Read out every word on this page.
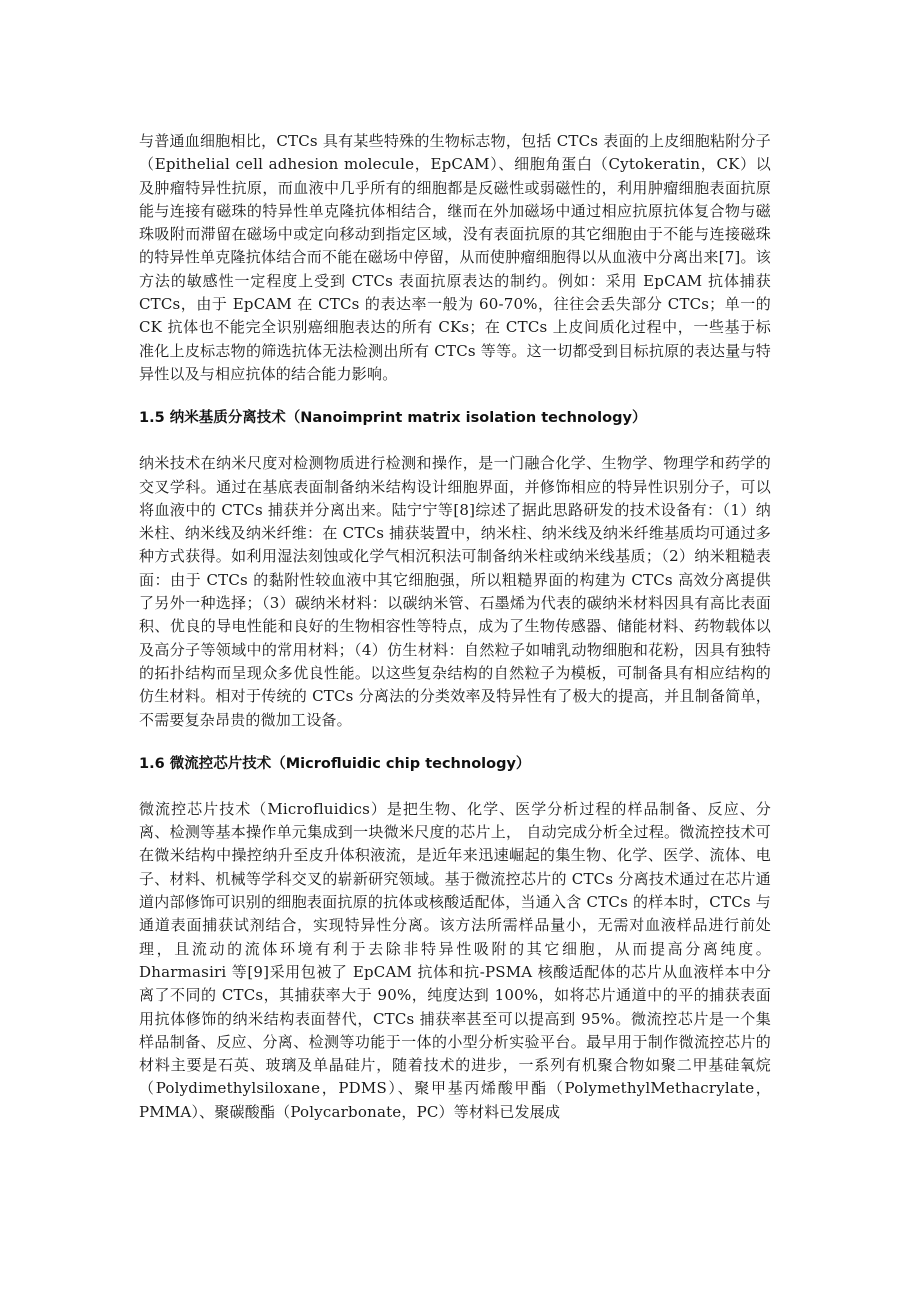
与普通血细胞相比，CTCs 具有某些特殊的生物标志物，包括 CTCs 表面的上皮细胞粘附分子（Epithelial cell adhesion molecule，EpCAM）、细胞角蛋白（Cytokeratin，CK）以及肿瘤特异性抗原，而血液中几乎所有的细胞都是反磁性或弱磁性的，利用肿瘤细胞表面抗原能与连接有磁珠的特异性单克隆抗体相结合，继而在外加磁场中通过相应抗原抗体复合物与磁珠吸附而滞留在磁场中或定向移动到指定区域，没有表面抗原的其它细胞由于不能与连接磁珠的特异性单克隆抗体结合而不能在磁场中停留，从而使肿瘤细胞得以从血液中分离出来[7]。该方法的敏感性一定程度上受到 CTCs 表面抗原表达的制约。例如：采用 EpCAM 抗体捕获 CTCs，由于 EpCAM 在 CTCs 的表达率一般为 60-70%，往往会丢失部分 CTCs；单一的 CK 抗体也不能完全识别癌细胞表达的所有 CKs；在 CTCs 上皮间质化过程中，一些基于标准化上皮标志物的筛选抗体无法检测出所有 CTCs 等等。这一切都受到目标抗原的表达量与特异性以及与相应抗体的结合能力影响。

1.5 纳米基质分离技术（Nanoimprint matrix isolation technology）

纳米技术在纳米尺度对检测物质进行检测和操作，是一门融合化学、生物学、物理学和药学的交叉学科。通过在基底表面制备纳米结构设计细胞界面，并修饰相应的特异性识别分子，可以将血液中的 CTCs 捕获并分离出来。陆宁宁等[8]综述了据此思路研发的技术设备有：（1）纳米柱、纳米线及纳米纤维：在 CTCs 捕获装置中，纳米柱、纳米线及纳米纤维基质均可通过多种方式获得。如利用湿法刻蚀或化学气相沉积法可制备纳米柱或纳米线基质；（2）纳米粗糙表面：由于 CTCs 的黏附性较血液中其它细胞强，所以粗糙界面的构建为 CTCs 高效分离提供了另外一种选择；（3）碳纳米材料：以碳纳米管、石墨烯为代表的碳纳米材料因具有高比表面积、优良的导电性能和良好的生物相容性等特点，成为了生物传感器、储能材料、药物载体以及高分子等领域中的常用材料；（4）仿生材料：自然粒子如哺乳动物细胞和花粉，因具有独特的拓扑结构而呈现众多优良性能。以这些复杂结构的自然粒子为模板，可制备具有相应结构的仿生材料。相对于传统的 CTCs 分离法的分类效率及特异性有了极大的提高，并且制备简单，不需要复杂昂贵的微加工设备。

1.6 微流控芯片技术（Microfluidic chip technology）

微流控芯片技术（Microfluidics）是把生物、化学、医学分析过程的样品制备、反应、分离、检测等基本操作单元集成到一块微米尺度的芯片上， 自动完成分析全过程。微流控技术可在微米结构中操控纳升至皮升体积液流，是近年来迅速崛起的集生物、化学、医学、流体、电子、材料、机械等学科交叉的崭新研究领域。基于微流控芯片的 CTCs 分离技术通过在芯片通道内部修饰可识别的细胞表面抗原的抗体或核酸适配体，当通入含 CTCs 的样本时，CTCs 与通道表面捕获试剂结合，实现特异性分离。该方法所需样品量小，无需对血液样品进行前处理，且流动的流体环境有利于去除非特异性吸附的其它细胞，从而提高分离纯度。Dharmasiri 等[9]采用包被了 EpCAM 抗体和抗-PSMA 核酸适配体的芯片从血液样本中分离了不同的 CTCs，其捕获率大于 90%，纯度达到 100%，如将芯片通道中的平的捕获表面用抗体修饰的纳米结构表面替代，CTCs 捕获率甚至可以提高到 95%。微流控芯片是一个集样品制备、反应、分离、检测等功能于一体的小型分析实验平台。最早用于制作微流控芯片的材料主要是石英、玻璃及单晶硅片，随着技术的进步，一系列有机聚合物如聚二甲基硅氧烷（Polydimethylsiloxane，PDMS）、聚甲基丙烯酸甲酯（PolymethylMethacrylate，PMMA）、聚碳酸酯（Polycarbonate，PC）等材料已发展成
